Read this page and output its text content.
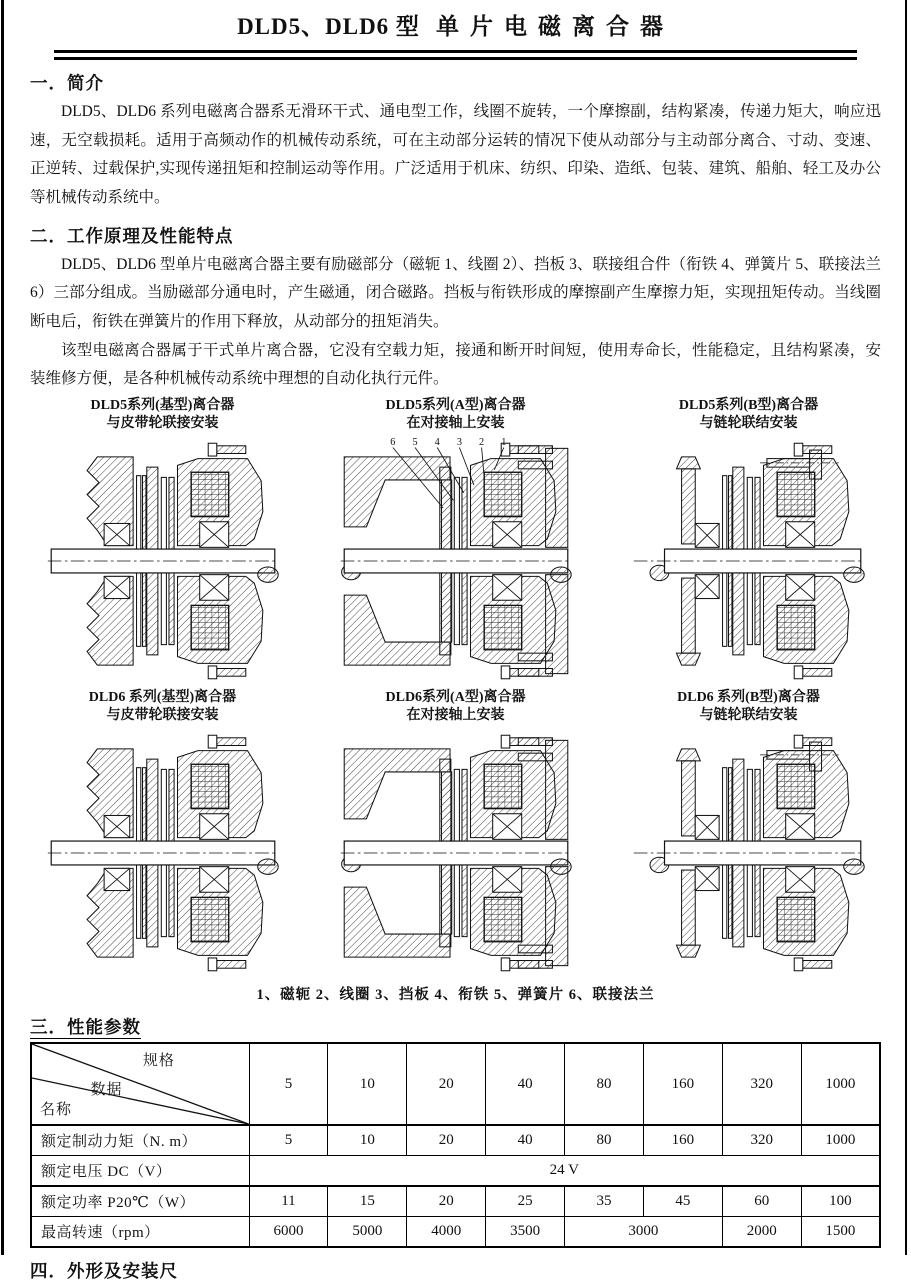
DLD5、DLD6 型 单片电磁离合器
一．简介

DLD5、DLD6 系列电磁离合器系无滑环干式、通电型工作，线圈不旋转，一个摩擦副，结构紧凑，传递力矩大，响应迅速，无空载损耗。适用于高频动作的机械传动系统，可在主动部分运转的情况下使从动部分与主动部分离合、寸动、变速、正逆转、过载保护,实现传递扭矩和控制运动等作用。广泛适用于机床、纺织、印染、造纸、包装、建筑、船舶、轻工及办公等机械传动系统中。

二．工作原理及性能特点

DLD5、DLD6 型单片电磁离合器主要有励磁部分（磁轭 1、线圈 2）、挡板 3、联接组合件（衔铁 4、弹簧片 5、联接法兰 6）三部分组成。当励磁部分通电时，产生磁通，闭合磁路。挡板与衔铁形成的摩擦副产生摩擦力矩，实现扭矩传动。当线圈断电后，衔铁在弹簧片的作用下释放，从动部分的扭矩消失。

该型电磁离合器属于干式单片离合器，它没有空载力矩，接通和断开时间短，使用寿命长，性能稳定，且结构紧凑，安装维修方便，是各种机械传动系统中理想的自动化执行元件。

DLD5系列(基型)离合器
与皮带轮联接安装
DLD5系列(A型)离合器
在对接轴上安装
6 5 4 3 2 1
DLD5系列(B型)离合器
与链轮联结安装
DLD6 系列(基型)离合器
与皮带轮联接安装
DLD6系列(A型)离合器
在对接轴上安装
DLD6 系列(B型)离合器
与链轮联结安装
1、磁轭 2、线圈 3、挡板 4、衔铁 5、弹簧片 6、联接法兰
三．性能参数
规格
数据
名称	5	10	20	40	80	160	320	1000
额定制动力矩（N. m）	5	10	20	40	80	160	320	1000
额定电压 DC（V）	24 V							
额定功率 P20℃（W）	11	15	20	25	35	45	60	100
最高转速（rpm）	6000	5000	4000	3500	3000		2000	1500
四．外形及安装尺
